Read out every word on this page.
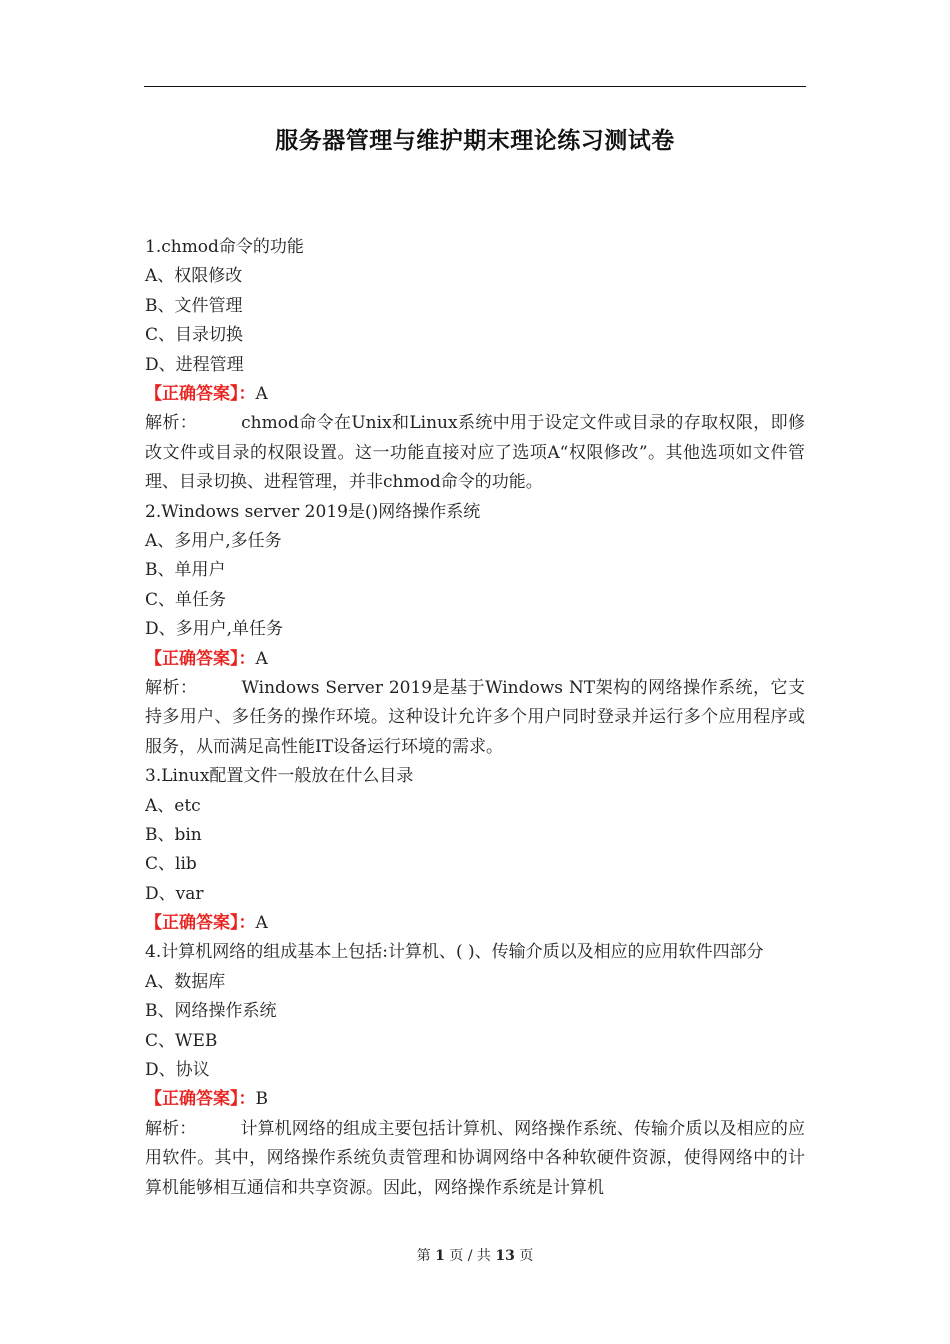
服务器管理与维护期末理论练习测试卷
1.chmod命令的功能
A、权限修改
B、文件管理
C、目录切换
D、进程管理
【正确答案】：A
解析：	chmod命令在Unix和Linux系统中用于设定文件或目录的存取权限，即修改文件或目录的权限设置。这一功能直接对应了选项A“权限修改”。其他选项如文件管理、目录切换、进程管理，并非chmod命令的功能。
2.Windows server 2019是()网络操作系统
A、多用户,多任务
B、单用户
C、单任务
D、多用户,单任务
【正确答案】：A
解析：	Windows Server 2019是基于Windows NT架构的网络操作系统，它支持多用户、多任务的操作环境。这种设计允许多个用户同时登录并运行多个应用程序或服务，从而满足高性能IT设备运行环境的需求。
3.Linux配置文件一般放在什么目录
A、etc
B、bin
C、lib
D、var
【正确答案】：A
4.计算机网络的组成基本上包括:计算机、( )、传输介质以及相应的应用软件四部分
A、数据库
B、网络操作系统
C、WEB
D、协议
【正确答案】：B
解析：	计算机网络的组成主要包括计算机、网络操作系统、传输介质以及相应的应用软件。其中，网络操作系统负责管理和协调网络中各种软硬件资源，使得网络中的计算机能够相互通信和共享资源。因此，网络操作系统是计算机
第 1 页 / 共 13 页
